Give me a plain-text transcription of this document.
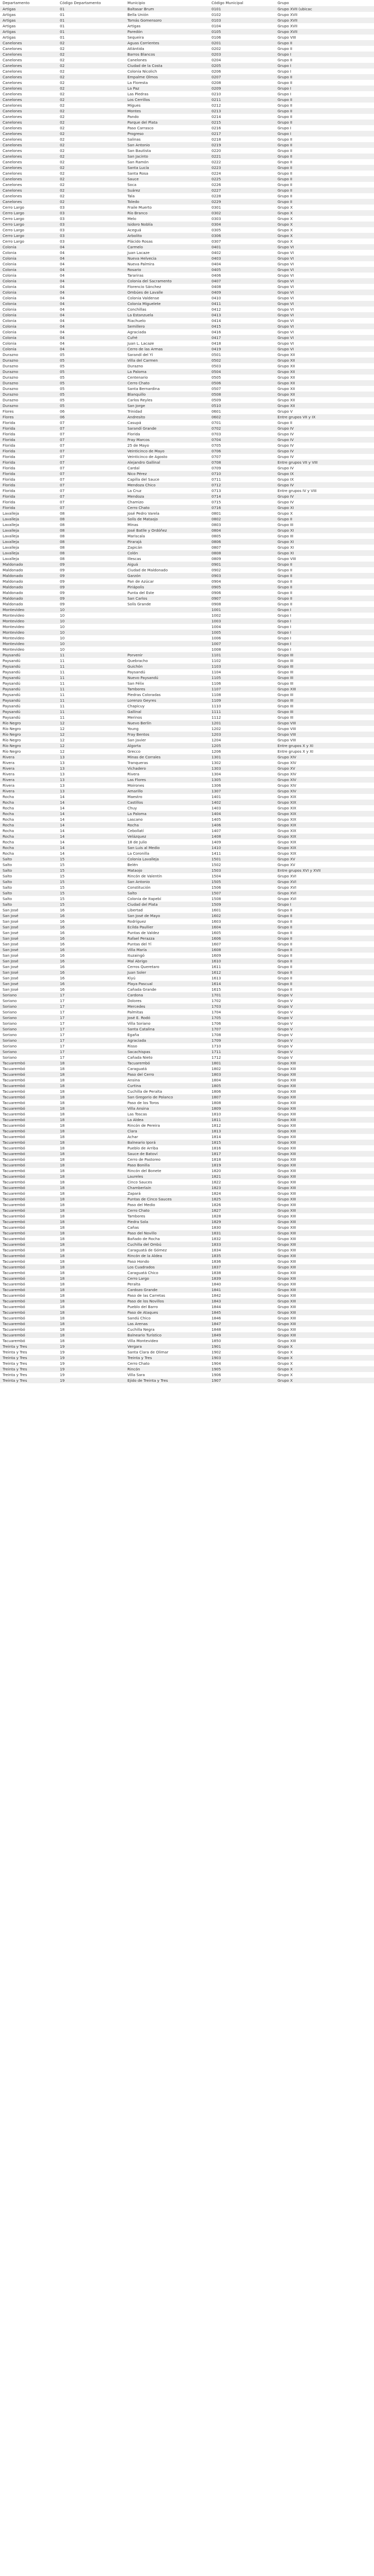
Departamento	Código Departamento	Municipio	Código Municipal	Grupo
Artigas	01	Baltasar Brum	0101	Grupo XVII (ubicac
Artigas	01	Bella Unión	0102	Grupo XVII
Artigas	01	Tomás Gomensoro	0103	Grupo XVII
Artigas	01	Artigas	0104	Grupo XVII
Artigas	01	Paredón	0105	Grupo XVII
Artigas	01	Sequeira	0106	Grupo VIII
Canelones	02	Aguas Corrientes	0201	Grupo II
Canelones	02	Atlántida	0202	Grupo II
Canelones	02	Barros Blancos	0203	Grupo I
Canelones	02	Canelones	0204	Grupo II
Canelones	02	Ciudad de la Costa	0205	Grupo I
Canelones	02	Colonia Nicolich	0206	Grupo I
Canelones	02	Empalme Olmos	0207	Grupo II
Canelones	02	La Floresta	0208	Grupo II
Canelones	02	La Paz	0209	Grupo I
Canelones	02	Las Piedras	0210	Grupo I
Canelones	02	Los Cerrillos	0211	Grupo II
Canelones	02	Migues	0212	Grupo II
Canelones	02	Montes	0213	Grupo II
Canelones	02	Pando	0214	Grupo II
Canelones	02	Parque del Plata	0215	Grupo II
Canelones	02	Paso Carrasco	0216	Grupo I
Canelones	02	Progreso	0217	Grupo I
Canelones	02	Salinas	0218	Grupo II
Canelones	02	San Antonio	0219	Grupo II
Canelones	02	San Bautista	0220	Grupo II
Canelones	02	San Jacinto	0221	Grupo II
Canelones	02	San Ramón	0222	Grupo II
Canelones	02	Santa Lucía	0223	Grupo II
Canelones	02	Santa Rosa	0224	Grupo II
Canelones	02	Sauce	0225	Grupo II
Canelones	02	Soca	0226	Grupo II
Canelones	02	Suárez	0227	Grupo II
Canelones	02	Tala	0228	Grupo II
Canelones	02	Toledo	0229	Grupo II
Cerro Largo	03	Fraile Muerto	0301	Grupo X
Cerro Largo	03	Río Branco	0302	Grupo X
Cerro Largo	03	Melo	0303	Grupo X
Cerro Largo	03	Isidoro Noblía	0304	Grupo X
Cerro Largo	03	Aceguá	0305	Grupo X
Cerro Largo	03	Arbolito	0306	Grupo X
Cerro Largo	03	Plácido Rosas	0307	Grupo X
Colonia	04	Carmelo	0401	Grupo VI
Colonia	04	Juan Lacaze	0402	Grupo VI
Colonia	04	Nueva Helvecia	0403	Grupo VI
Colonia	04	Nueva Palmira	0404	Grupo VI
Colonia	04	Rosario	0405	Grupo VI
Colonia	04	Tarariras	0406	Grupo VI
Colonia	04	Colonia del Sacramento	0407	Grupo VI
Colonia	04	Florencio Sánchez	0408	Grupo VI
Colonia	04	Ombúes de Lavalle	0409	Grupo VI
Colonia	04	Colonia Valdense	0410	Grupo VI
Colonia	04	Colonia Miguelete	0411	Grupo VI
Colonia	04	Conchillas	0412	Grupo VI
Colonia	04	La Estanzuela	0413	Grupo VI
Colonia	04	Riachuelo	0414	Grupo VI
Colonia	04	Semillero	0415	Grupo VI
Colonia	04	Agraciada	0416	Grupo VI
Colonia	04	Cufré	0417	Grupo VI
Colonia	04	Juan L. Lacaze	0418	Grupo VI
Colonia	04	Cerro de las Armas	0419	Grupo VI
Durazno	05	Sarandí del Yí	0501	Grupo XII
Durazno	05	Villa del Carmen	0502	Grupo XII
Durazno	05	Durazno	0503	Grupo XII
Durazno	05	La Paloma	0504	Grupo XII
Durazno	05	Centenario	0505	Grupo XII
Durazno	05	Cerro Chato	0506	Grupo XII
Durazno	05	Santa Bernardina	0507	Grupo XII
Durazno	05	Blanquillo	0508	Grupo XII
Durazno	05	Carlos Reyles	0509	Grupo XII
Durazno	05	San Jorge	0510	Grupo XII
Flores	06	Trinidad	0601	Grupo V
Flores	06	Andresito	0602	Entre grupos VII y IX
Florida	07	Casupá	0701	Grupo II
Florida	07	Sarandí Grande	0702	Grupo IV
Florida	07	Florida	0703	Grupo IV
Florida	07	Fray Marcos	0704	Grupo IV
Florida	07	25 de Mayo	0705	Grupo IV
Florida	07	Veinticinco de Mayo	0706	Grupo IV
Florida	07	Veinticinco de Agosto	0707	Grupo IV
Florida	07	Alejandro Gallinal	0708	Entre grupos VII y VIII
Florida	07	Cardal	0709	Grupo IV
Florida	07	Nico Pérez	0710	Grupo IX
Florida	07	Capilla del Sauce	0711	Grupo IX
Florida	07	Mendoza Chico	0712	Grupo IV
Florida	07	La Cruz	0713	Entre grupos IV y VIII
Florida	07	Mendoza	0714	Grupo IV
Florida	07	Chamizo	0715	Grupo IV
Florida	07	Cerro Chato	0716	Grupo XI
Lavalleja	08	José Pedro Varela	0801	Grupo X
Lavalleja	08	Solís de Mataojo	0802	Grupo II
Lavalleja	08	Minas	0803	Grupo III
Lavalleja	08	José Batlle y Ordóñez	0804	Grupo XI
Lavalleja	08	Mariscala	0805	Grupo III
Lavalleja	08	Pirarajá	0806	Grupo XI
Lavalleja	08	Zapicán	0807	Grupo XI
Lavalleja	08	Colón	0808	Grupo XI
Lavalleja	08	Illescas	0809	Grupo VIII
Maldonado	09	Aiguá	0901	Grupo II
Maldonado	09	Ciudad de Maldonado	0902	Grupo II
Maldonado	09	Garzón	0903	Grupo II
Maldonado	09	Pan de Azúcar	0904	Grupo II
Maldonado	09	Piriápolis	0905	Grupo II
Maldonado	09	Punta del Este	0906	Grupo II
Maldonado	09	San Carlos	0907	Grupo II
Maldonado	09	Solís Grande	0908	Grupo II
Montevideo	10		1001	Grupo I
Montevideo	10		1002	Grupo I
Montevideo	10		1003	Grupo I
Montevideo	10		1004	Grupo I
Montevideo	10		1005	Grupo I
Montevideo	10		1006	Grupo I
Montevideo	10		1007	Grupo I
Montevideo	10		1008	Grupo I
Paysandú	11	Porvenir	1101	Grupo III
Paysandú	11	Quebracho	1102	Grupo III
Paysandú	11	Guichón	1103	Grupo III
Paysandú	11	Paysandú	1104	Grupo III
Paysandú	11	Nuevo Paysandú	1105	Grupo III
Paysandú	11	San Félix	1106	Grupo III
Paysandú	11	Tambores	1107	Grupo XIII
Paysandú	11	Piedras Coloradas	1108	Grupo III
Paysandú	11	Lorenzo Geyres	1109	Grupo III
Paysandú	11	Chapicuy	1110	Grupo III
Paysandú	11	Gallinal	1111	Grupo III
Paysandú	11	Merinos	1112	Grupo III
Río Negro	12	Nuevo Berlín	1201	Grupo VIII
Río Negro	12	Young	1202	Grupo VIII
Río Negro	12	Fray Bentos	1203	Grupo VIII
Río Negro	12	San Javier	1204	Grupo VIII
Río Negro	12	Algorta	1205	Entre grupos X y XI
Río Negro	12	Grecco	1206	Entre grupos X y XI
Rivera	13	Minas de Corrales	1301	Grupo XIV
Rivera	13	Tranqueras	1302	Grupo XIV
Rivera	13	Vichadero	1303	Grupo XV
Rivera	13	Rivera	1304	Grupo XIV
Rivera	13	Las Flores	1305	Grupo XIV
Rivera	13	Moirones	1306	Grupo XIV
Rivera	13	Amarillo	1307	Grupo XIV
Rocha	14	Maestro	1401	Grupo XIX
Rocha	14	Castillos	1402	Grupo XIX
Rocha	14	Chuy	1403	Grupo XIX
Rocha	14	La Paloma	1404	Grupo XIX
Rocha	14	Lascano	1405	Grupo XIX
Rocha	14	Rocha	1406	Grupo XIX
Rocha	14	Cebollatí	1407	Grupo XIX
Rocha	14	Velázquez	1408	Grupo XIX
Rocha	14	18 de Julio	1409	Grupo XIX
Rocha	14	San Luis al Medio	1410	Grupo XIX
Rocha	14	La Coronilla	1411	Grupo XIX
Salto	15	Colonia Lavalleja	1501	Grupo XV
Salto	15	Belén	1502	Grupo XV
Salto	15	Mataojo	1503	Entre grupos XVI y XVII
Salto	15	Rincón de Valentín	1504	Grupo XVI
Salto	15	San Antonio	1505	Grupo XVI
Salto	15	Constitución	1506	Grupo XVI
Salto	15	Salto	1507	Grupo XVI
Salto	15	Colonia de Itapebí	1508	Grupo XVI
Salto	15	Ciudad del Plata	1509	Grupo I
San José	16	Libertad	1601	Grupo II
San José	16	San José de Mayo	1602	Grupo II
San José	16	Rodríguez	1603	Grupo II
San José	16	Ecilda Paullier	1604	Grupo II
San José	16	Puntas de Valdez	1605	Grupo II
San José	16	Rafael Perazza	1606	Grupo II
San José	16	Puntas del Yí	1607	Grupo II
San José	16	Villa María	1608	Grupo II
San José	16	Ituzaingó	1609	Grupo II
San José	16	Mal Abrigo	1610	Grupo II
San José	16	Cerros Queretaro	1611	Grupo II
San José	16	Juan Soler	1612	Grupo II
San José	16	Kiyú	1613	Grupo II
San José	16	Playa Pascual	1614	Grupo II
San José	16	Cañada Grande	1615	Grupo II
Soriano	17	Cardona	1701	Grupo V
Soriano	17	Dolores	1702	Grupo V
Soriano	17	Mercedes	1703	Grupo V
Soriano	17	Palmitas	1704	Grupo V
Soriano	17	José E. Rodó	1705	Grupo V
Soriano	17	Villa Soriano	1706	Grupo V
Soriano	17	Santa Catalina	1707	Grupo V
Soriano	17	Egaña	1708	Grupo V
Soriano	17	Agraciada	1709	Grupo V
Soriano	17	Risso	1710	Grupo V
Soriano	17	Sacachispas	1711	Grupo V
Soriano	17	Cañada Nieto	1712	Grupo V
Tacuarembó	18	Tacuarembó	1801	Grupo XIII
Tacuarembó	18	Caraguatá	1802	Grupo XIII
Tacuarembó	18	Paso del Cerro	1803	Grupo XIII
Tacuarembó	18	Ansina	1804	Grupo XIII
Tacuarembó	18	Curtina	1805	Grupo XIII
Tacuarembó	18	Cuchilla de Peralta	1806	Grupo XIII
Tacuarembó	18	San Gregorio de Polanco	1807	Grupo XIII
Tacuarembó	18	Paso de los Toros	1808	Grupo XIII
Tacuarembó	18	Villa Ansina	1809	Grupo XIII
Tacuarembó	18	Las Toscas	1810	Grupo XIII
Tacuarembó	18	La Aldea	1811	Grupo XIII
Tacuarembó	18	Rincón de Pereira	1812	Grupo XIII
Tacuarembó	18	Clara	1813	Grupo XIII
Tacuarembó	18	Achar	1814	Grupo XIII
Tacuarembó	18	Balneario Iporá	1815	Grupo XIII
Tacuarembó	18	Pueblo de Arriba	1816	Grupo XIII
Tacuarembó	18	Sauce de Batoví	1817	Grupo XIII
Tacuarembó	18	Cerro de Pastoreo	1818	Grupo XIII
Tacuarembó	18	Paso Bonilla	1819	Grupo XIII
Tacuarembó	18	Rincón del Bonete	1820	Grupo XIII
Tacuarembó	18	Laureles	1821	Grupo XIII
Tacuarembó	18	Cinco Sauces	1822	Grupo XIII
Tacuarembó	18	Chamberlain	1823	Grupo XIII
Tacuarembó	18	Zapará	1824	Grupo XIII
Tacuarembó	18	Puntas de Cinco Sauces	1825	Grupo XIII
Tacuarembó	18	Paso del Medio	1826	Grupo XIII
Tacuarembó	18	Cerro Chato	1827	Grupo XIII
Tacuarembó	18	Tambores	1828	Grupo XIII
Tacuarembó	18	Piedra Sola	1829	Grupo XIII
Tacuarembó	18	Cañas	1830	Grupo XIII
Tacuarembó	18	Paso del Novillo	1831	Grupo XIII
Tacuarembó	18	Bañado de Rocha	1832	Grupo XIII
Tacuarembó	18	Cuchilla del Ombú	1833	Grupo XIII
Tacuarembó	18	Caraguatá de Gómez	1834	Grupo XIII
Tacuarembó	18	Rincón de la Aldea	1835	Grupo XIII
Tacuarembó	18	Paso Hondo	1836	Grupo XIII
Tacuarembó	18	Los Cuadrados	1837	Grupo XIII
Tacuarembó	18	Caraguatá Chico	1838	Grupo XIII
Tacuarembó	18	Cerro Largo	1839	Grupo XIII
Tacuarembó	18	Peralta	1840	Grupo XIII
Tacuarembó	18	Cardozo Grande	1841	Grupo XIII
Tacuarembó	18	Paso de las Carretas	1842	Grupo XIII
Tacuarembó	18	Paso de los Novillos	1843	Grupo XIII
Tacuarembó	18	Pueblo del Barro	1844	Grupo XIII
Tacuarembó	18	Paso de Ataques	1845	Grupo XIII
Tacuarembó	18	Sandú Chico	1846	Grupo XIII
Tacuarembó	18	Las Arenas	1847	Grupo XIII
Tacuarembó	18	Cuchilla Negra	1848	Grupo XIII
Tacuarembó	18	Balneario Turístico	1849	Grupo XIII
Tacuarembó	18	Villa Montevideo	1850	Grupo XIII
Treinta y Tres	19	Vergara	1901	Grupo X
Treinta y Tres	19	Santa Clara de Olimar	1902	Grupo X
Treinta y Tres	19	Treinta y Tres	1903	Grupo X
Treinta y Tres	19	Cerro Chato	1904	Grupo X
Treinta y Tres	19	Rincón	1905	Grupo X
Treinta y Tres	19	Villa Sara	1906	Grupo X
Treinta y Tres	19	Ejido de Treinta y Tres	1907	Grupo X
